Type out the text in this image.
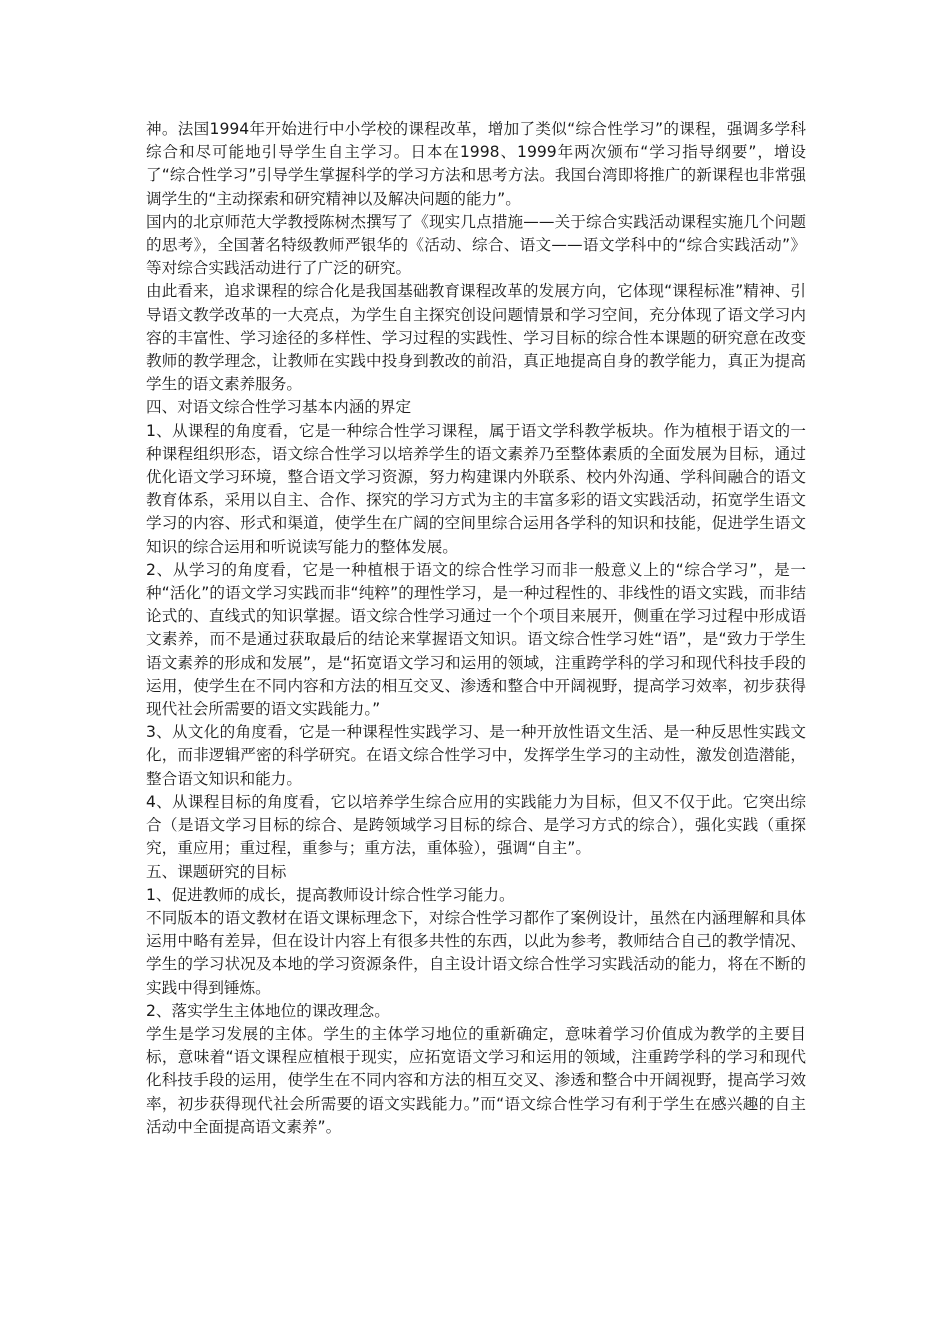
神。法国1994年开始进行中小学校的课程改革，增加了类似“综合性学习”的课程，强调多学科综合和尽可能地引导学生自主学习。日本在1998、1999年两次颁布“学习指导纲要”，增设了“综合性学习”引导学生掌握科学的学习方法和思考方法。我国台湾即将推广的新课程也非常强调学生的“主动探索和研究精神以及解决问题的能力”。

国内的北京师范大学教授陈树杰撰写了《现实几点措施——关于综合实践活动课程实施几个问题的思考》，全国著名特级教师严银华的《活动、综合、语文——语文学科中的“综合实践活动”》等对综合实践活动进行了广泛的研究。

由此看来，追求课程的综合化是我国基础教育课程改革的发展方向，它体现“课程标准”精神、引导语文教学改革的一大亮点，为学生自主探究创设问题情景和学习空间，充分体现了语文学习内容的丰富性、学习途径的多样性、学习过程的实践性、学习目标的综合性本课题的研究意在改变教师的教学理念，让教师在实践中投身到教改的前沿，真正地提高自身的教学能力，真正为提高学生的语文素养服务。

四、对语文综合性学习基本内涵的界定

1、从课程的角度看，它是一种综合性学习课程，属于语文学科教学板块。作为植根于语文的一种课程组织形态，语文综合性学习以培养学生的语文素养乃至整体素质的全面发展为目标，通过优化语文学习环境，整合语文学习资源，努力构建课内外联系、校内外沟通、学科间融合的语文教育体系，采用以自主、合作、探究的学习方式为主的丰富多彩的语文实践活动，拓宽学生语文学习的内容、形式和渠道，使学生在广阔的空间里综合运用各学科的知识和技能，促进学生语文知识的综合运用和听说读写能力的整体发展。

2、从学习的角度看，它是一种植根于语文的综合性学习而非一般意义上的“综合学习”，是一种“活化”的语文学习实践而非“纯粹”的理性学习，是一种过程性的、非线性的语文实践，而非结论式的、直线式的知识掌握。语文综合性学习通过一个个项目来展开，侧重在学习过程中形成语文素养，而不是通过获取最后的结论来掌握语文知识。语文综合性学习姓“语”，是“致力于学生语文素养的形成和发展”，是“拓宽语文学习和运用的领域，注重跨学科的学习和现代科技手段的运用，使学生在不同内容和方法的相互交叉、渗透和整合中开阔视野，提高学习效率，初步获得现代社会所需要的语文实践能力。”

3、从文化的角度看，它是一种课程性实践学习、是一种开放性语文生活、是一种反思性实践文化，而非逻辑严密的科学研究。在语文综合性学习中，发挥学生学习的主动性，激发创造潜能，整合语文知识和能力。

4、从课程目标的角度看，它以培养学生综合应用的实践能力为目标，但又不仅于此。它突出综合（是语文学习目标的综合、是跨领域学习目标的综合、是学习方式的综合），强化实践（重探究，重应用；重过程，重参与；重方法，重体验），强调“自主”。

五、课题研究的目标

1、促进教师的成长，提高教师设计综合性学习能力。

不同版本的语文教材在语文课标理念下，对综合性学习都作了案例设计，虽然在内涵理解和具体运用中略有差异，但在设计内容上有很多共性的东西，以此为参考，教师结合自己的教学情况、学生的学习状况及本地的学习资源条件，自主设计语文综合性学习实践活动的能力，将在不断的实践中得到锤炼。

2、落实学生主体地位的课改理念。

学生是学习发展的主体。学生的主体学习地位的重新确定，意味着学习价值成为教学的主要目标，意味着“语文课程应植根于现实，应拓宽语文学习和运用的领域，注重跨学科的学习和现代化科技手段的运用，使学生在不同内容和方法的相互交叉、渗透和整合中开阔视野，提高学习效率，初步获得现代社会所需要的语文实践能力。”而“语文综合性学习有利于学生在感兴趣的自主活动中全面提高语文素养”。
